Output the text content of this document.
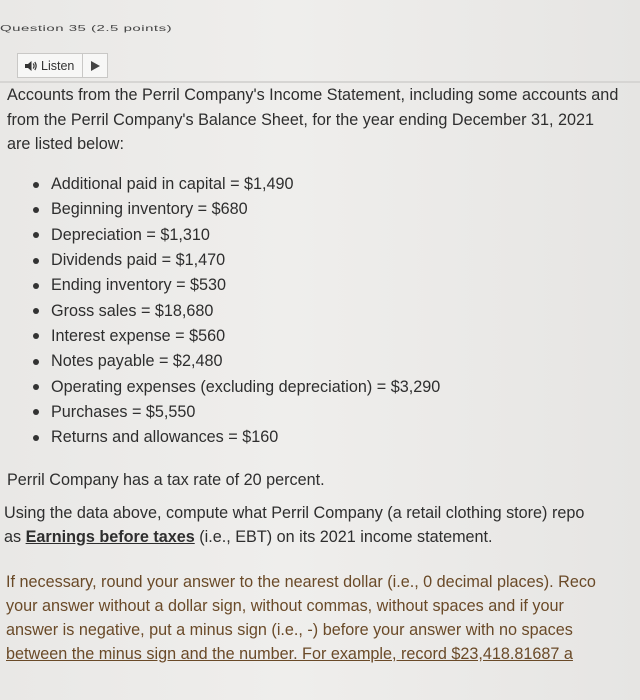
Question 35 (2.5 points)
Listen
Accounts from the Perril Company's Income Statement, including some accounts and
from the Perril Company's Balance Sheet, for the year ending December 31, 2021
are listed below:
Additional paid in capital = $1,490
Beginning inventory = $680
Depreciation = $1,310
Dividends paid = $1,470
Ending inventory = $530
Gross sales = $18,680
Interest expense = $560
Notes payable = $2,480
Operating expenses (excluding depreciation) = $3,290
Purchases = $5,550
Returns and allowances = $160
Perril Company has a tax rate of 20 percent.
Using the data above, compute what Perril Company (a retail clothing store) repo
as Earnings before taxes (i.e., EBT) on its 2021 income statement.
If necessary, round your answer to the nearest dollar (i.e., 0 decimal places). Reco
your answer without a dollar sign, without commas, without spaces and if your
answer is negative, put a minus sign (i.e., -) before your answer with no spaces
between the minus sign and the number. For example, record $23,418.81687 a
